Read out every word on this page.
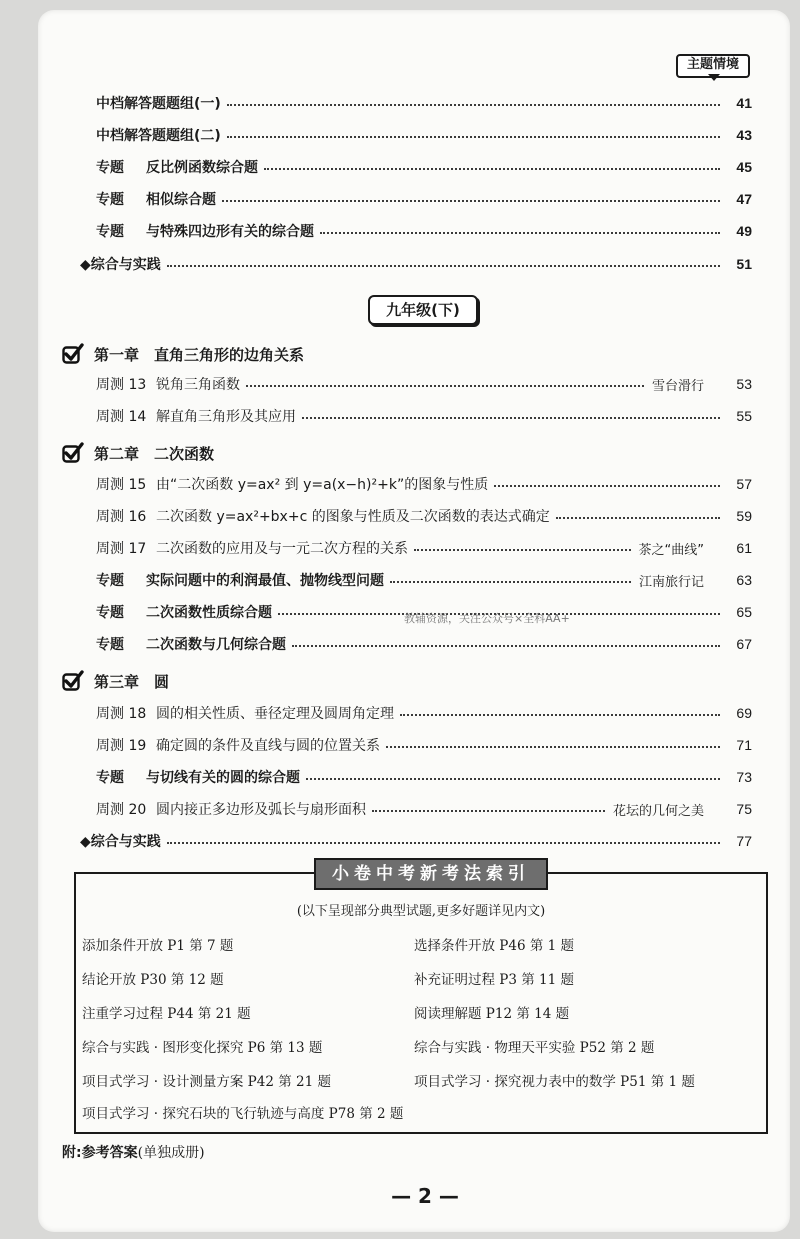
主题情境
中档解答题题组(一)	41
中档解答题题组(二)	43
专题	反比例函数综合题	45
专题	相似综合题	47
专题	与特殊四边形有关的综合题	49
◆综合与实践	51
九年级(下)
第一章　直角三角形的边角关系
周测 13 锐角三角函数	雪台滑行	53
周测 14 解直角三角形及其应用	55
第二章　二次函数
周测 15 由“二次函数 y=ax² 到 y=a(x−h)²+k”的图象与性质	57
周测 16 二次函数 y=ax²+bx+c 的图象与性质及二次函数的表达式确定	59
周测 17 二次函数的应用及与一元二次方程的关系	茶之“曲线”	61
专题	实际问题中的利润最值、抛物线型问题	江南旅行记	63
专题	二次函数性质综合题	65
教辅资源，关注公众号×全科AA+
专题	二次函数与几何综合题	67
第三章　圆
周测 18 圆的相关性质、垂径定理及圆周角定理	69
周测 19 确定圆的条件及直线与圆的位置关系	71
专题	与切线有关的圆的综合题	73
周测 20 圆内接正多边形及弧长与扇形面积	花坛的几何之美	75
◆综合与实践	77
小卷中考新考法索引
(以下呈现部分典型试题,更多好题详见内文)
添加条件开放 P1 第 7 题
结论开放 P30 第 12 题
注重学习过程 P44 第 21 题
综合与实践 · 图形变化探究 P6 第 13 题
项目式学习 · 设计测量方案 P42 第 21 题
项目式学习 · 探究石块的飞行轨迹与高度 P78 第 2 题
选择条件开放 P46 第 1 题
补充证明过程 P3 第 11 题
阅读理解题 P12 第 14 题
综合与实践 · 物理天平实验 P52 第 2 题
项目式学习 · 探究视力表中的数学 P51 第 1 题
附:参考答案(单独成册)
— 2 —
